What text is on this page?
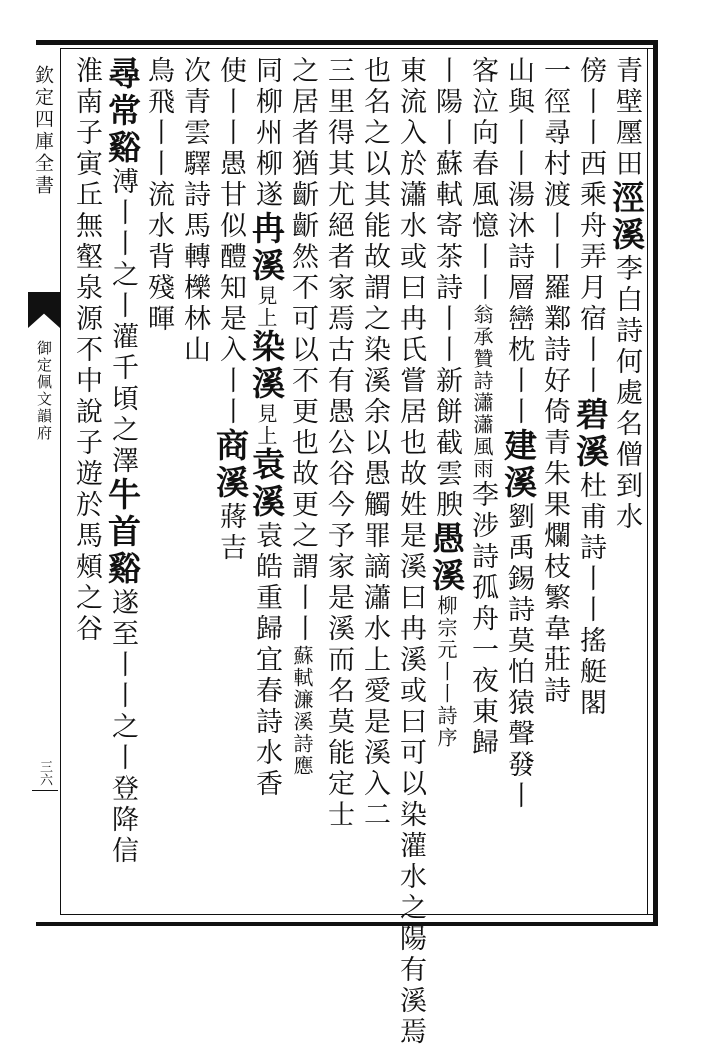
欽定四庫全書
御定佩文韻府
三六
青壁㕓田涇溪李白詩何處名僧到水
傍丨丨西乘舟弄月宿丨丨碧溪杜甫詩丨丨搖艇閣
一徑尋村渡丨丨羅鄴詩好倚青朱果爛枝繁韋莊詩
山與丨丨湯沐詩層巒枕丨丨建溪劉禹錫詩莫怕猿聲發丨
客泣向春風憶丨丨翁承贊詩瀟瀟風雨李涉詩孤舟一夜東歸
丨陽丨蘇軾寄茶詩丨丨新餅截雲腴愚溪柳宗元丨丨詩序
東流入於瀟水或曰冉氏嘗居也故姓是溪曰冉溪或曰可以染灌水之陽有溪焉
也名之以其能故謂之染溪余以愚觸罪謫瀟水上愛是溪入二
三里得其尤絕者家焉古有愚公谷今予家是溪而名莫能定士
之居者猶齗齗然不可以不更也故更之謂丨丨蘇軾濂溪詩應
同柳州柳遂冉溪見上染溪見上袁溪袁皓重歸宜春詩水香
使丨丨愚甘似醴知是入丨丨商溪蔣吉
次青雲驛詩馬轉櫟林山
鳥飛丨丨流水背殘暉
尋常谿溥丨丨之丨灌千頃之澤牛首谿遂至丨丨之丨登降信
淮南子寅丘無壑泉源不中說子遊於馬頰之谷
